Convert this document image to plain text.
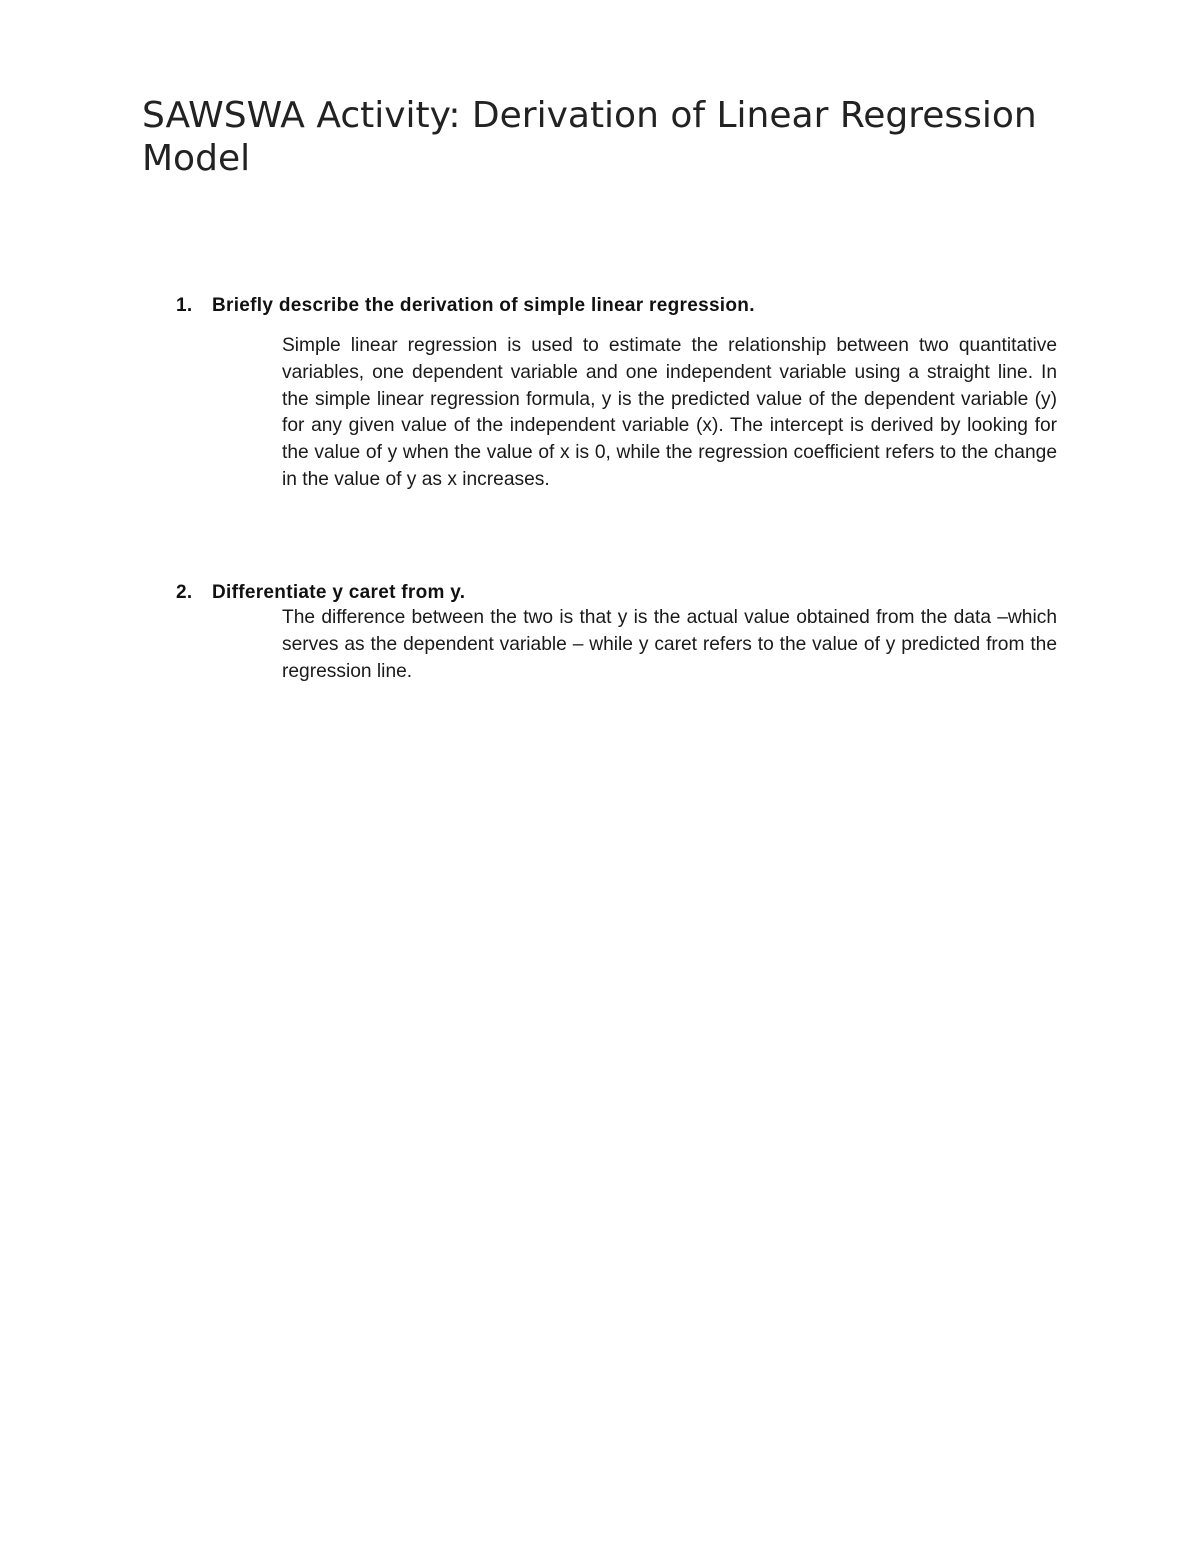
SAWSWA Activity: Derivation of Linear Regression Model
1. Briefly describe the derivation of simple linear regression.

Simple linear regression is used to estimate the relationship between two quantitative variables, one dependent variable and one independent variable using a straight line. In the simple linear regression formula, y is the predicted value of the dependent variable (y) for any given value of the independent variable (x). The intercept is derived by looking for the value of y when the value of x is 0, while the regression coefficient refers to the change in the value of y as x increases.

2. Differentiate y caret from y.

The difference between the two is that y is the actual value obtained from the data –which serves as the dependent variable – while y caret refers to the value of y predicted from the regression line.
